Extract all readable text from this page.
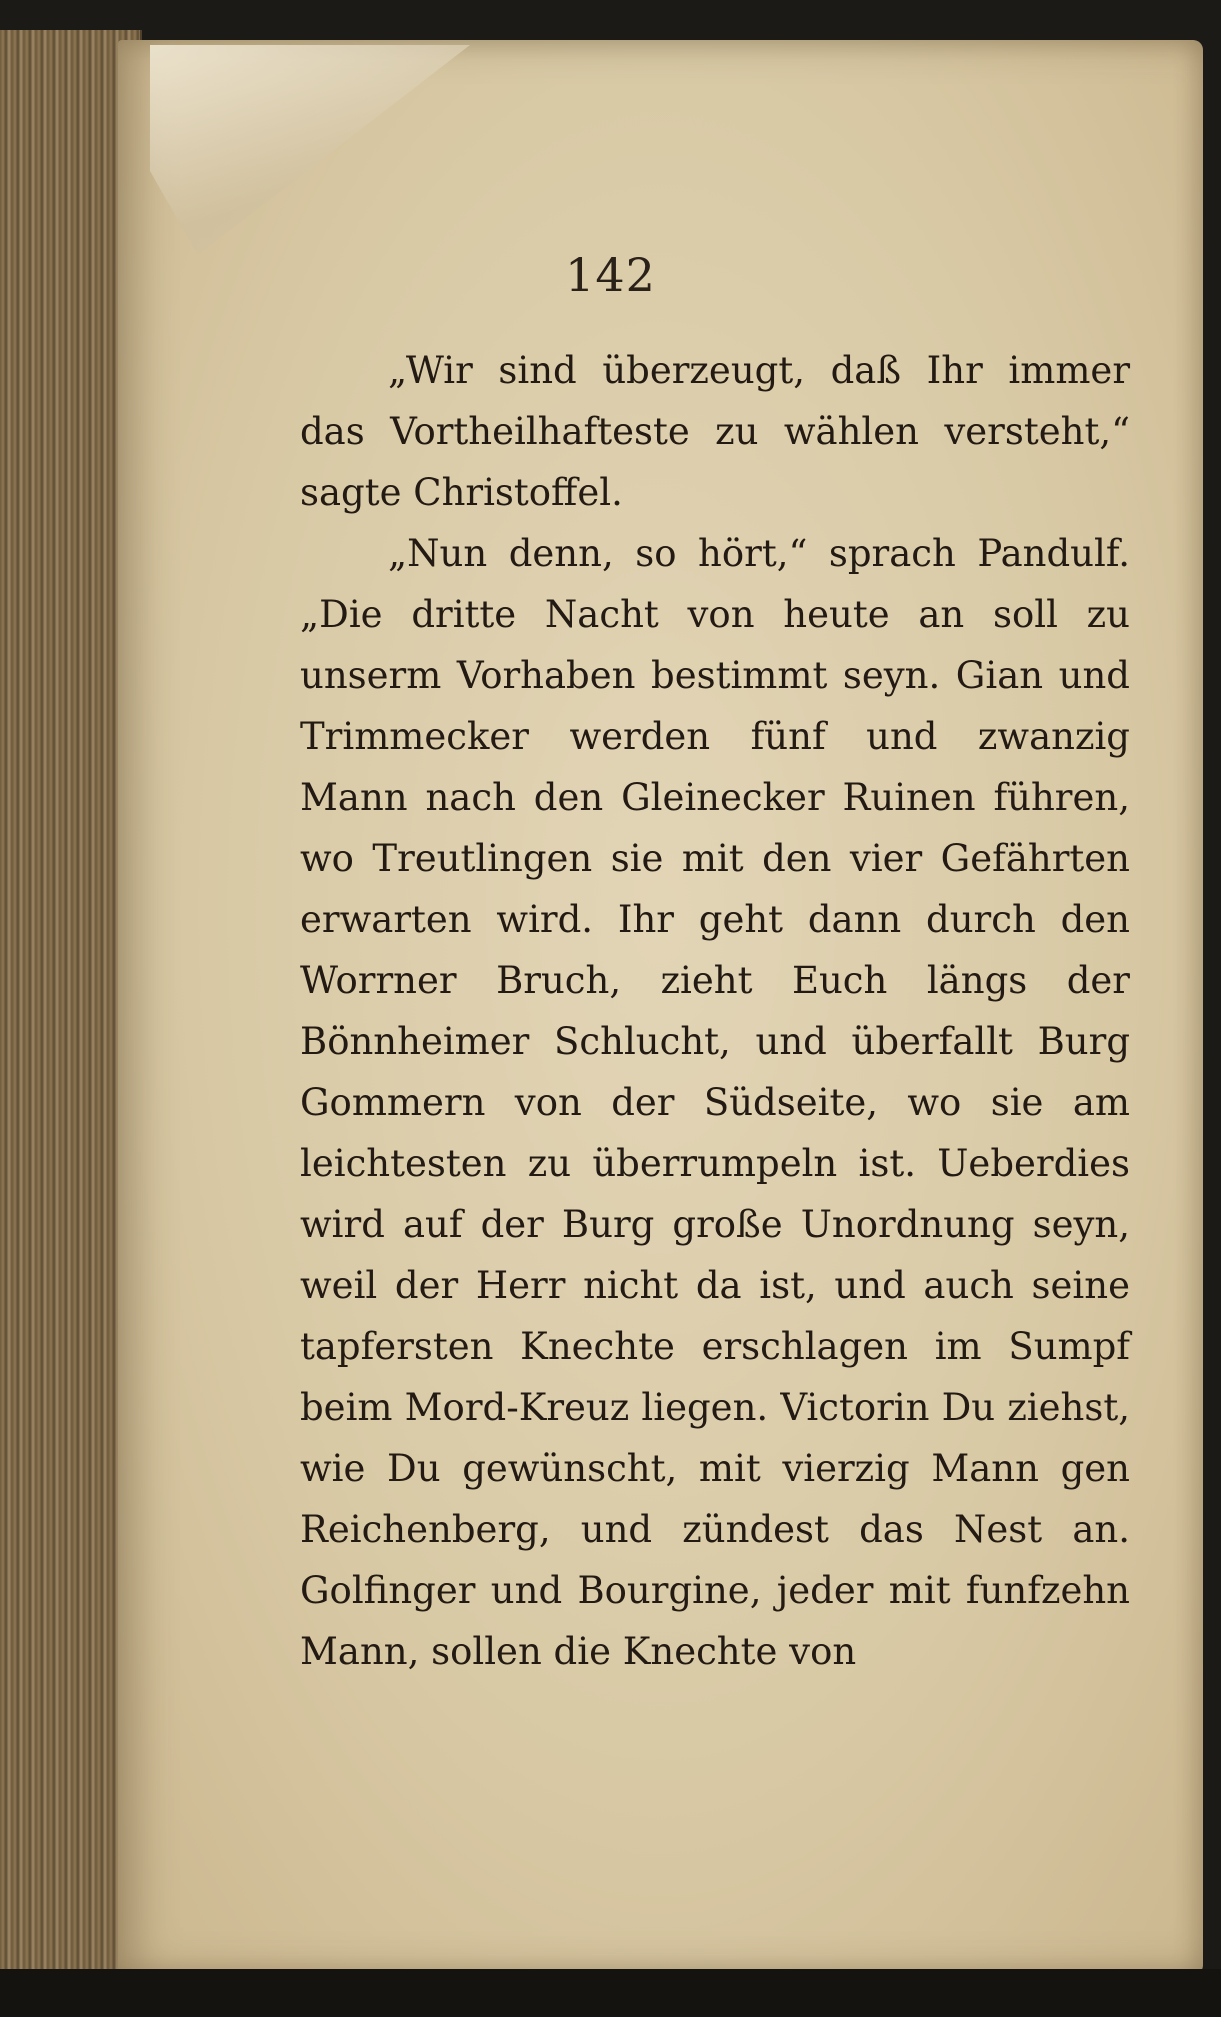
142

„Wir sind überzeugt, daß Ihr immer das Vortheilhafteste zu wählen versteht,“ sagte Christoffel.

„Nun denn, so hört,“ sprach Pandulf. „Die dritte Nacht von heute an soll zu unserm Vorhaben bestimmt seyn. Gian und Trimmecker werden fünf und zwanzig Mann nach den Gleinecker Ruinen führen, wo Treutlingen sie mit den vier Gefährten erwarten wird. Ihr geht dann durch den Worrner Bruch, zieht Euch längs der Bönnheimer Schlucht, und überfallt Burg Gommern von der Südseite, wo sie am leichtesten zu überrumpeln ist. Ueberdies wird auf der Burg große Unordnung seyn, weil der Herr nicht da ist, und auch seine tapfersten Knechte erschlagen im Sumpf beim Mord-Kreuz liegen. Victorin Du ziehst, wie Du gewünscht, mit vierzig Mann gen Reichenberg, und zündest das Nest an. Golfinger und Bourgine, jeder mit funfzehn Mann, sollen die Knechte von
